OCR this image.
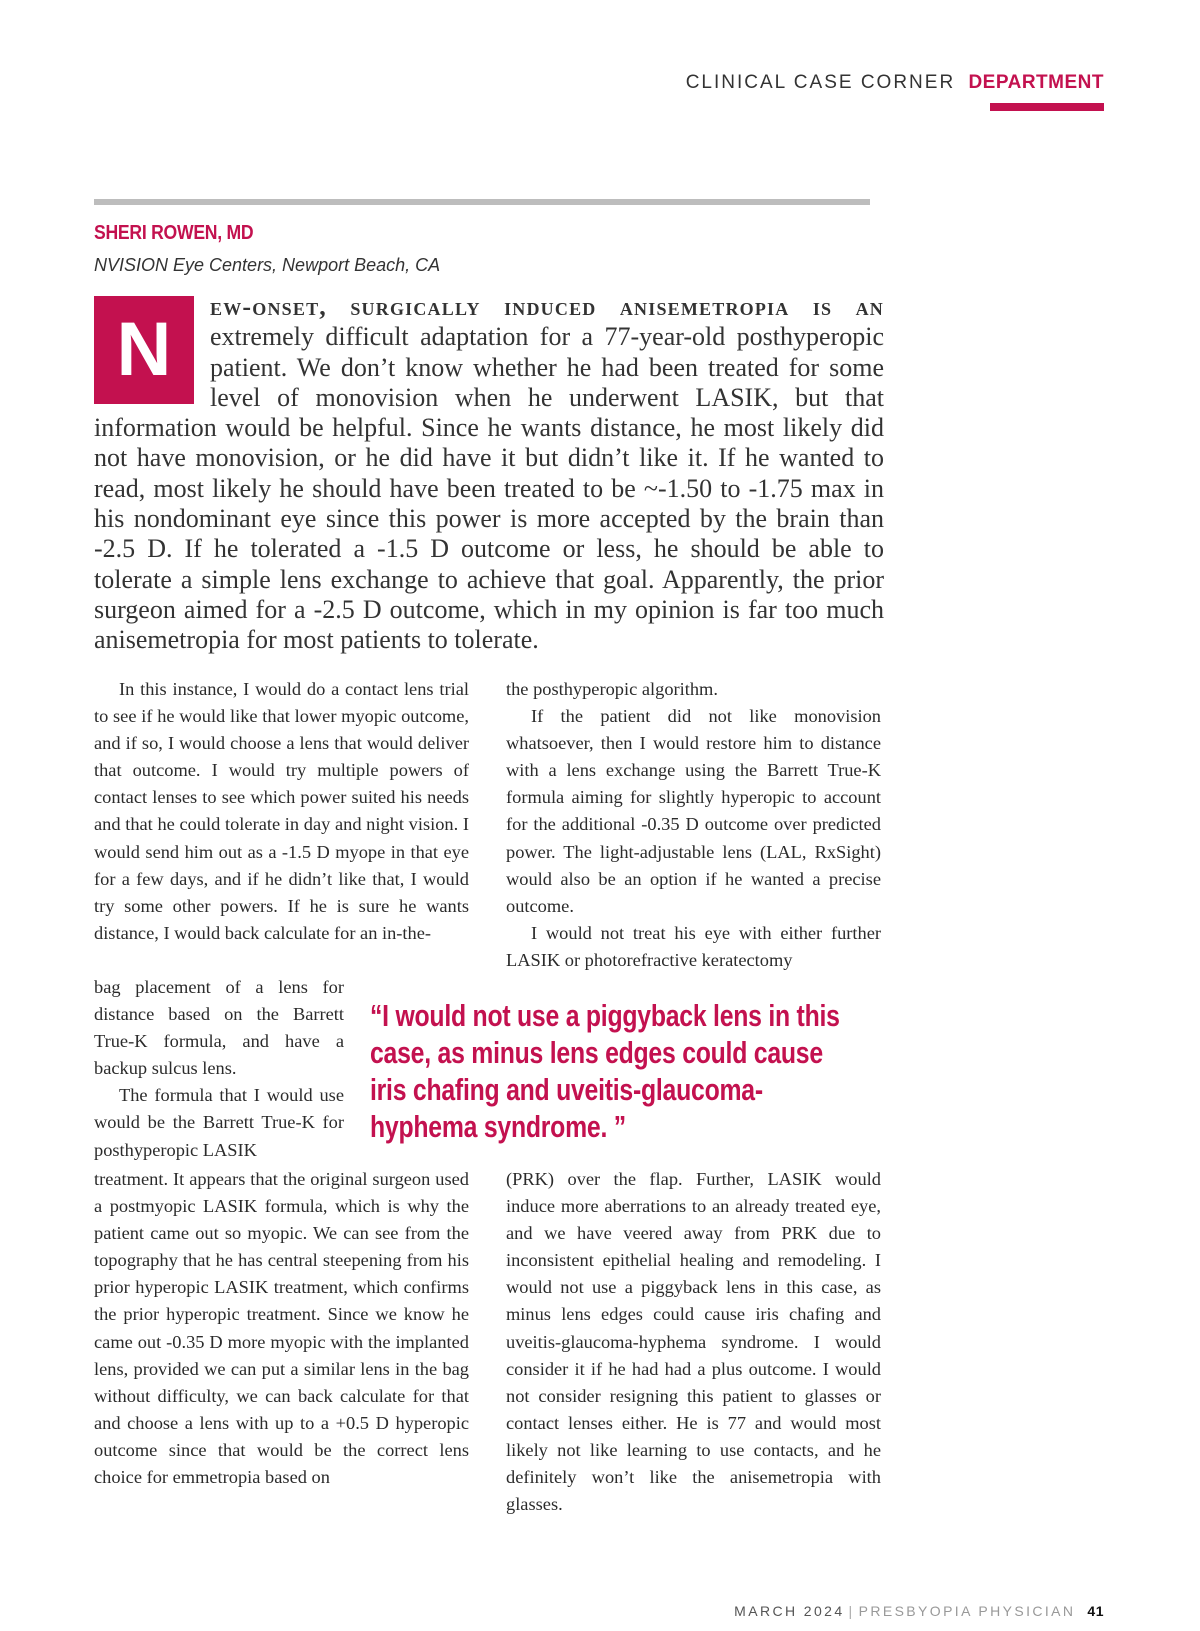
CLINICAL CASE CORNER DEPARTMENT
SHERI ROWEN, MD
NVISION Eye Centers, Newport Beach, CA
N
ew-onset, surgically induced anisemetropia is an extremely difficult adaptation for a 77-year-old posthyperopic patient. We don’t know whether he had been treated for some level of monovision when he underwent LASIK, but that information would be helpful. Since he wants distance, he most likely did not have monovision, or he did have it but didn’t like it. If he wanted to read, most likely he should have been treated to be ~-1.50 to -1.75 max in his nondominant eye since this power is more accepted by the brain than -2.5 D. If he tolerated a -1.5 D outcome or less, he should be able to tolerate a simple lens exchange to achieve that goal. Apparently, the prior surgeon aimed for a -2.5 D outcome, which in my opinion is far too much anisemetropia for most patients to tolerate.

In this instance, I would do a contact lens trial to see if he would like that lower myopic outcome, and if so, I would choose a lens that would deliver that outcome. I would try multiple powers of contact lenses to see which power suited his needs and that he could tolerate in day and night vision. I would send him out as a -1.5 D myope in that eye for a few days, and if he didn’t like that, I would try some other powers. If he is sure he wants distance, I would back calculate for an in-the-

bag placement of a lens for distance based on the Barrett True-K formula, and have a backup sulcus lens.

The formula that I would use would be the Barrett True-K for posthyperopic LASIK

treatment. It appears that the original surgeon used a postmyopic LASIK formula, which is why the patient came out so myopic. We can see from the topography that he has central steepening from his prior hyperopic LASIK treatment, which confirms the prior hyperopic treatment. Since we know he came out -0.35 D more myopic with the implanted lens, provided we can put a similar lens in the bag without difficulty, we can back calculate for that and choose a lens with up to a +0.5 D hyperopic outcome since that would be the correct lens choice for emmetropia based on

the posthyperopic algorithm.

If the patient did not like monovision whatsoever, then I would restore him to distance with a lens exchange using the Barrett True-K formula aiming for slightly hyperopic to account for the additional -0.35 D outcome over predicted power. The light-adjustable lens (LAL, RxSight) would also be an option if he wanted a precise outcome.

I would not treat his eye with either further LASIK or photorefractive keratectomy

(PRK) over the flap. Further, LASIK would induce more aberrations to an already treated eye, and we have veered away from PRK due to inconsistent epithelial healing and remodeling. I would not use a piggyback lens in this case, as minus lens edges could cause iris chafing and uveitis-glaucoma-hyphema syndrome. I would consider it if he had had a plus outcome. I would not consider resigning this patient to glasses or contact lenses either. He is 77 and would most likely not like learning to use contacts, and he definitely won’t like the anisemetropia with glasses.

“I would not use a piggyback lens in this case, as minus lens edges could cause iris chafing and uveitis-glaucoma-hyphema syndrome. ”
MARCH 2024 | PRESBYOPIA PHYSICIAN 41
